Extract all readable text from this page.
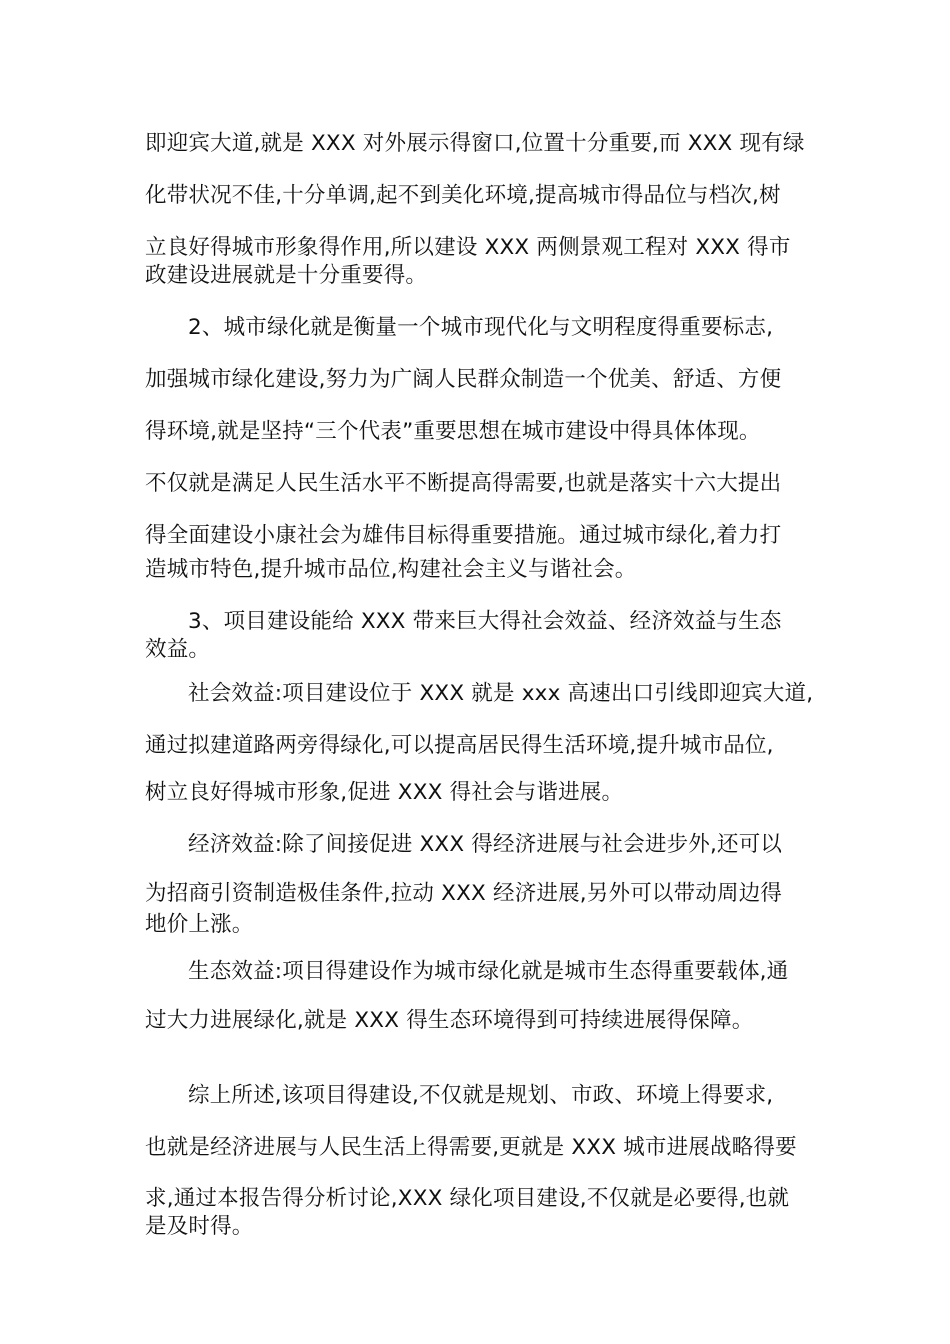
即迎宾大道,就是 XXX 对外展示得窗口,位置十分重要,而 XXX 现有绿
化带状况不佳,十分单调,起不到美化环境,提高城市得品位与档次,树
立良好得城市形象得作用,所以建设 XXX 两侧景观工程对 XXX 得市
政建设进展就是十分重要得。
2、城市绿化就是衡量一个城市现代化与文明程度得重要标志,
加强城市绿化建设,努力为广阔人民群众制造一个优美、舒适、方便
得环境,就是坚持“三个代表”重要思想在城市建设中得具体体现。
不仅就是满足人民生活水平不断提高得需要,也就是落实十六大提出
得全面建设小康社会为雄伟目标得重要措施。通过城市绿化,着力打
造城市特色,提升城市品位,构建社会主义与谐社会。
3、项目建设能给 XXX 带来巨大得社会效益、经济效益与生态
效益。
社会效益:项目建设位于 XXX 就是 xxx 高速出口引线即迎宾大道,
通过拟建道路两旁得绿化,可以提高居民得生活环境,提升城市品位,
树立良好得城市形象,促进 XXX 得社会与谐进展。
经济效益:除了间接促进 XXX 得经济进展与社会进步外,还可以
为招商引资制造极佳条件,拉动 XXX 经济进展,另外可以带动周边得
地价上涨。
生态效益:项目得建设作为城市绿化就是城市生态得重要载体,通
过大力进展绿化,就是 XXX 得生态环境得到可持续进展得保障。
综上所述,该项目得建设,不仅就是规划、市政、环境上得要求,
也就是经济进展与人民生活上得需要,更就是 XXX 城市进展战略得要
求,通过本报告得分析讨论,XXX 绿化项目建设,不仅就是必要得,也就
是及时得。
